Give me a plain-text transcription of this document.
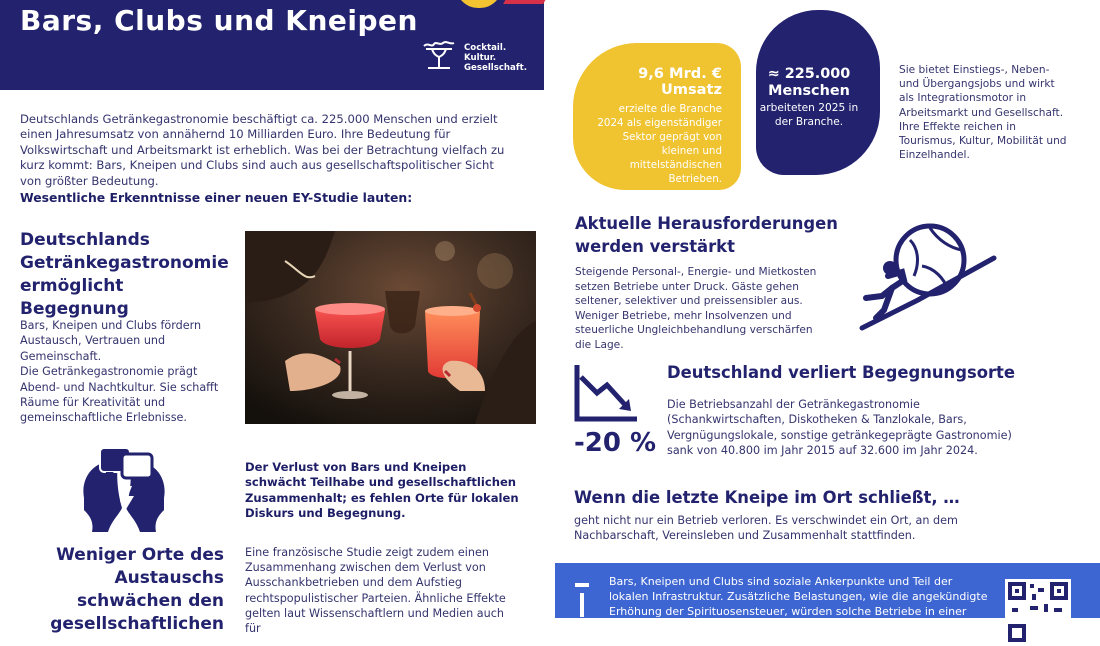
Bars, Clubs und Kneipen
Cocktail.
Kultur.
Gesellschaft.
Deutschlands Getränkegastronomie beschäftigt ca. 225.000 Menschen und erzielt einen Jahresumsatz von annähernd 10 Milliarden Euro. Ihre Bedeutung für Volkswirtschaft und Arbeitsmarkt ist erheblich. Was bei der Betrachtung vielfach zu kurz kommt: Bars, Kneipen und Clubs sind auch aus gesellschaftspolitischer Sicht von größter Bedeutung.
Wesentliche Erkenntnisse einer neuen EY-Studie lauten:
Deutschlands Getränkegastronomie ermöglicht Begegnung
Bars, Kneipen und Clubs fördern Austausch, Vertrauen und Gemeinschaft.
Die Getränkegastronomie prägt Abend- und Nachtkultur. Sie schafft Räume für Kreativität und gemeinschaftliche Erlebnisse.
Weniger Orte des Austauschs schwächen den gesellschaftlichen
Der Verlust von Bars und Kneipen schwächt Teilhabe und gesellschaftlichen Zusammenhalt; es fehlen Orte für lokalen Diskurs und Begegnung.
Eine französische Studie zeigt zudem einen Zusammenhang zwischen dem Verlust von Ausschankbetrieben und dem Aufstieg rechtspopulistischer Parteien. Ähnliche Effekte gelten laut Wissenschaftlern und Medien auch für
9,6 Mrd. €
Umsatz
erzielte die Branche 2024 als eigenständiger Sektor geprägt von kleinen und mittelständischen Betrieben.
≈ 225.000
Menschen
arbeiteten 2025 in der Branche.
Sie bietet Einstiegs-, Neben- und Übergangsjobs und wirkt als Integrationsmotor in Arbeitsmarkt und Gesellschaft. Ihre Effekte reichen in Tourismus, Kultur, Mobilität und Einzelhandel.
Aktuelle Herausforderungen werden verstärkt
Steigende Personal-, Energie- und Mietkosten setzen Betriebe unter Druck. Gäste gehen seltener, selektiver und preissensibler aus. Weniger Betriebe, mehr Insolvenzen und steuerliche Ungleichbehandlung verschärfen die Lage.
-20 %
Deutschland verliert Begegnungsorte
Die Betriebsanzahl der Getränkegastronomie (Schankwirtschaften, Diskotheken & Tanzlokale, Bars, Vergnügungslokale, sonstige getränkegeprägte Gastronomie) sank von 40.800 im Jahr 2015 auf 32.600 im Jahr 2024.
Wenn die letzte Kneipe im Ort schließt, …
geht nicht nur ein Betrieb verloren. Es verschwindet ein Ort, an dem Nachbarschaft, Vereinsleben und Zusammenhalt stattfinden.
Bars, Kneipen und Clubs sind soziale Ankerpunkte und Teil der lokalen Infrastruktur. Zusätzliche Belastungen, wie die angekündigte Erhöhung der Spirituosensteuer, würden solche Betriebe in einer Phase treffen, in
